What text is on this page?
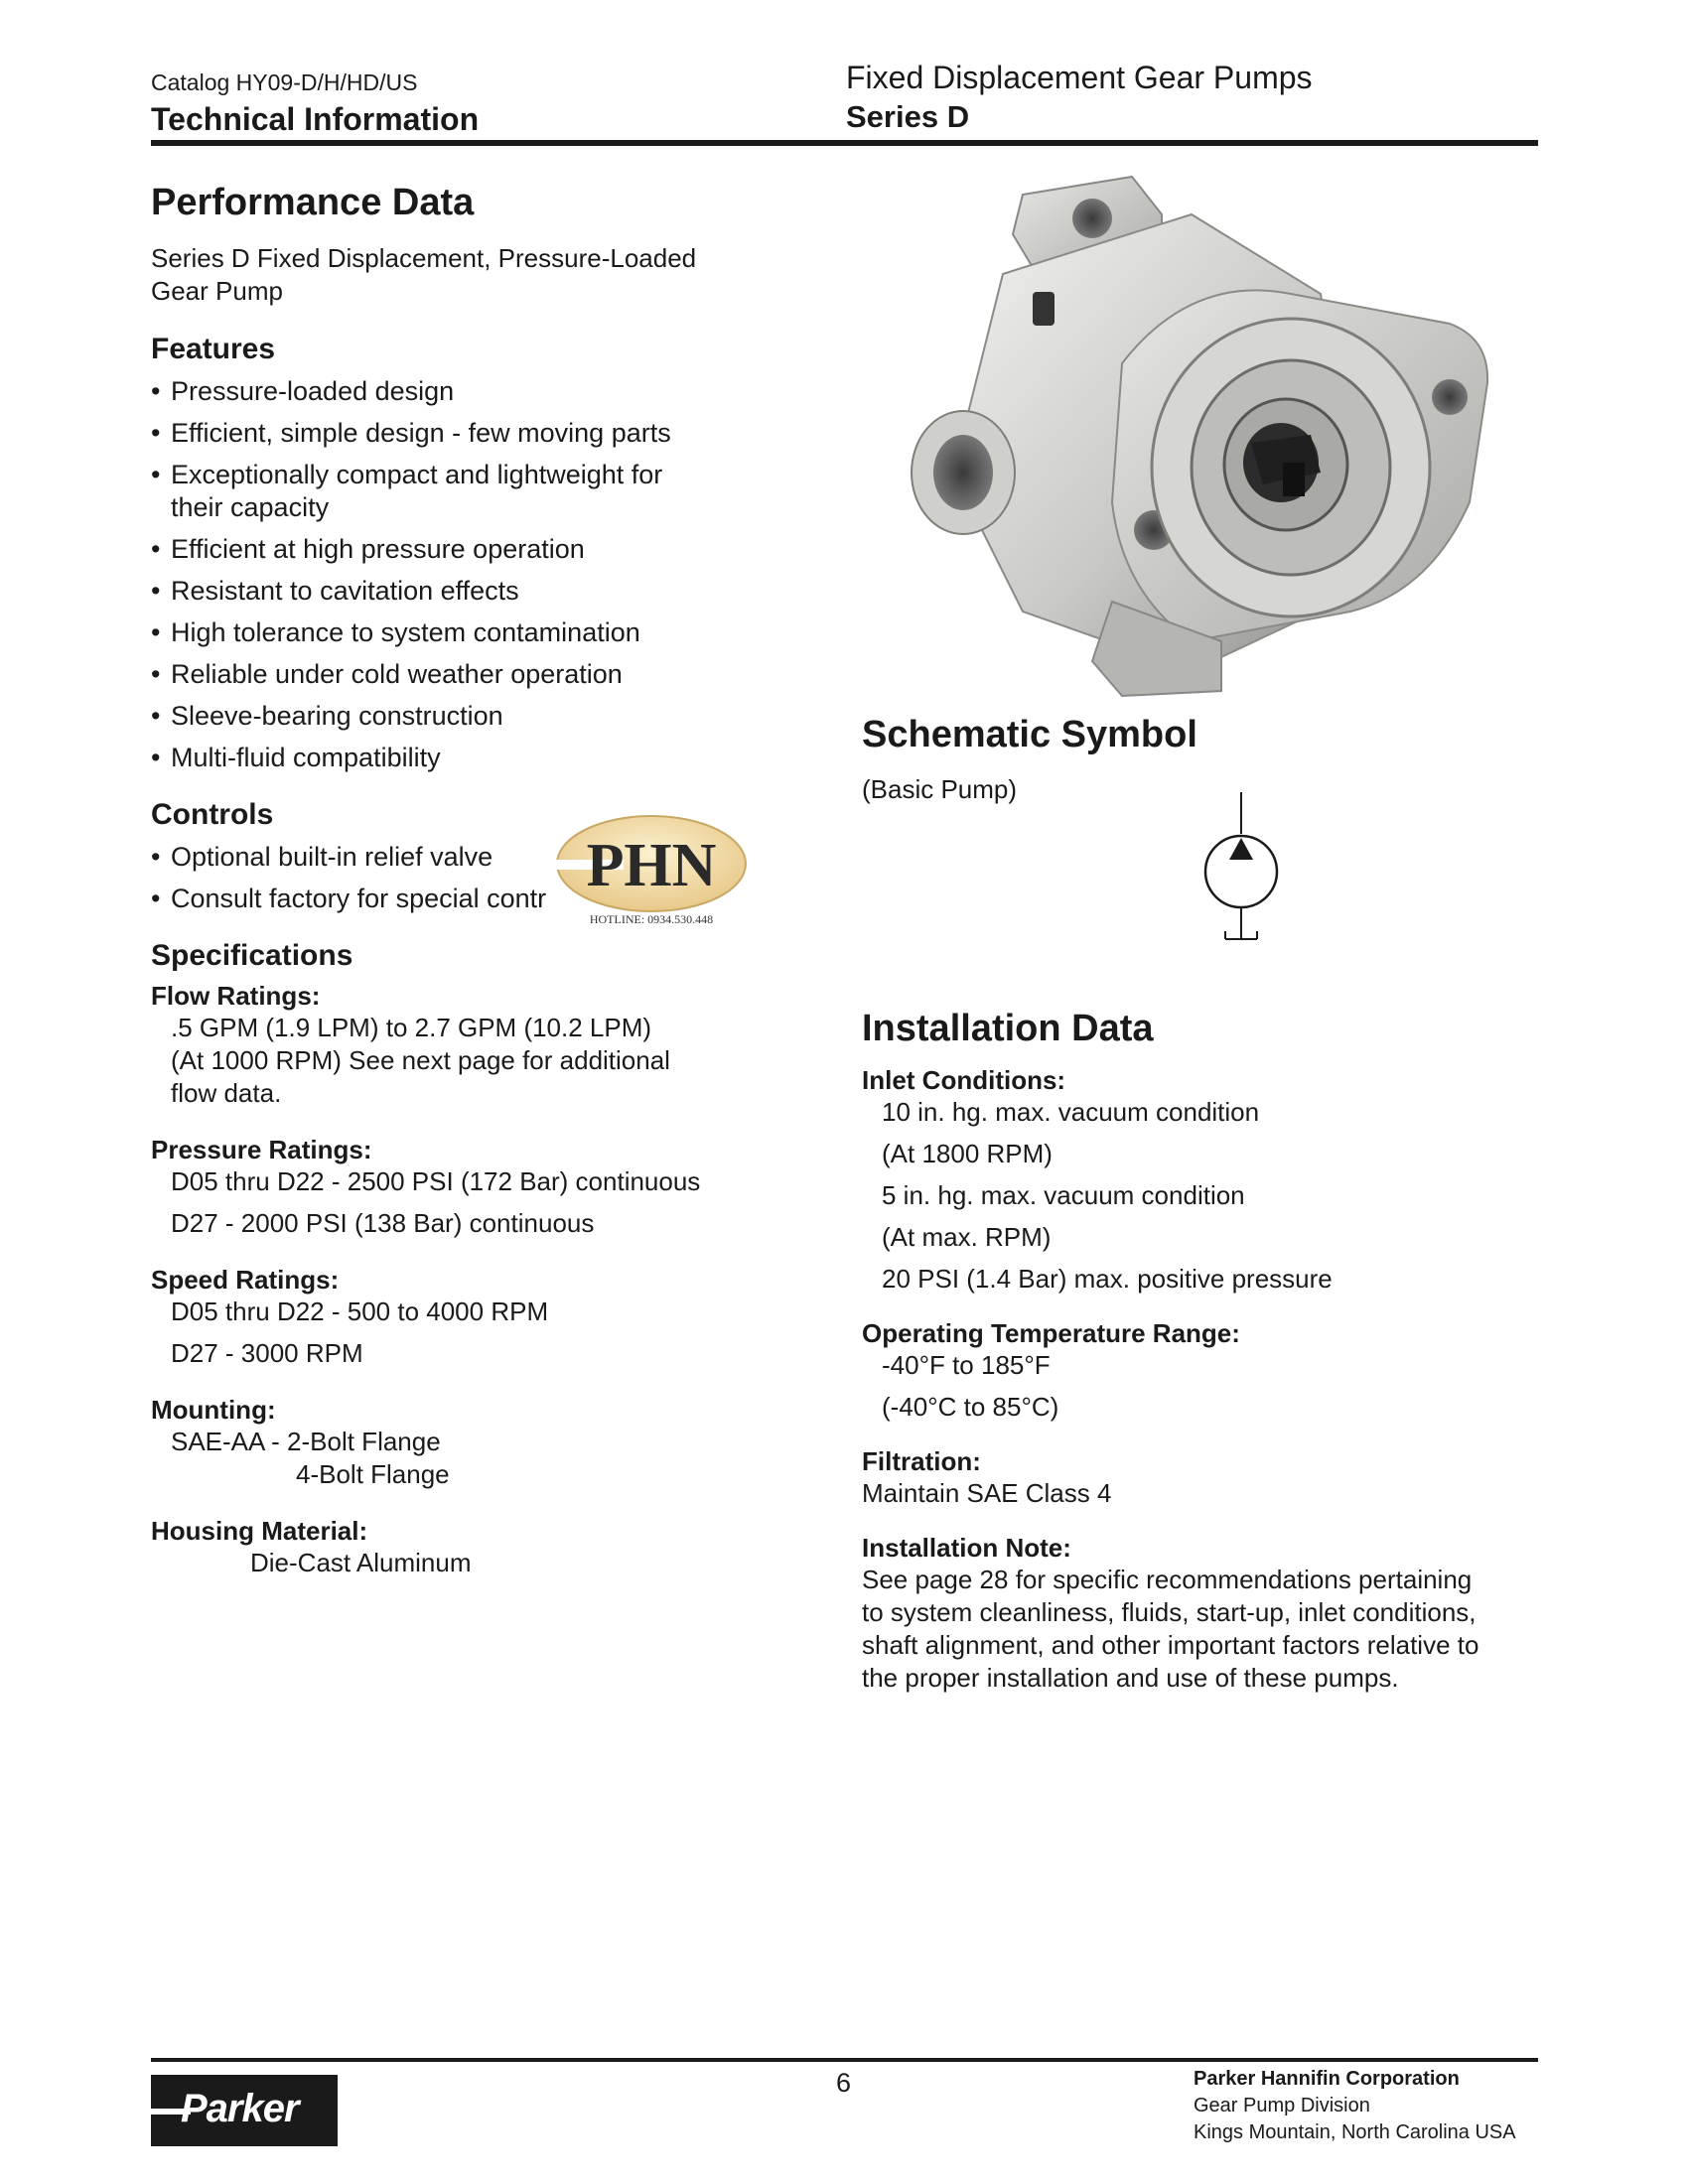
Catalog HY09-D/H/HD/US
Technical Information
Fixed Displacement Gear Pumps
Series D
Performance Data
Series D Fixed Displacement, Pressure-Loaded
Gear Pump
Features
• Pressure-loaded design
• Efficient, simple design - few moving parts
• Exceptionally compact and lightweight for their capacity
• Efficient at high pressure operation
• Resistant to cavitation effects
• High tolerance to system contamination
• Reliable under cold weather operation
• Sleeve-bearing construction
• Multi-fluid compatibility
Controls
• Optional built-in relief valve
• Consult factory for special contr
Specifications
Flow Ratings:
.5 GPM (1.9 LPM) to 2.7 GPM (10.2 LPM)
(At 1000 RPM) See next page for additional
flow data.
Pressure Ratings:
D05 thru D22 - 2500 PSI (172 Bar) continuous
D27 - 2000 PSI (138 Bar) continuous
Speed Ratings:
D05 thru D22 - 500 to 4000 RPM
D27 - 3000 RPM
Mounting:
SAE-AA - 2-Bolt Flange
4-Bolt Flange
Housing Material:
Die-Cast Aluminum
PHN
HOTLINE: 0934.530.448
Schematic Symbol
(Basic Pump)
Installation Data
Inlet Conditions:
10 in. hg. max. vacuum condition
(At 1800 RPM)
5 in. hg. max. vacuum condition
(At max. RPM)
20 PSI (1.4 Bar) max. positive pressure
Operating Temperature Range:
-40°F to 185°F
(-40°C to 85°C)
Filtration:
Maintain SAE Class 4
Installation Note:
See page 28 for specific recommendations pertaining
to system cleanliness, fluids, start-up, inlet conditions,
shaft alignment, and other important factors relative to
the proper installation and use of these pumps.
Parker
6	Parker Hannifin Corporation
Gear Pump Division
Kings Mountain, North Carolina USA
